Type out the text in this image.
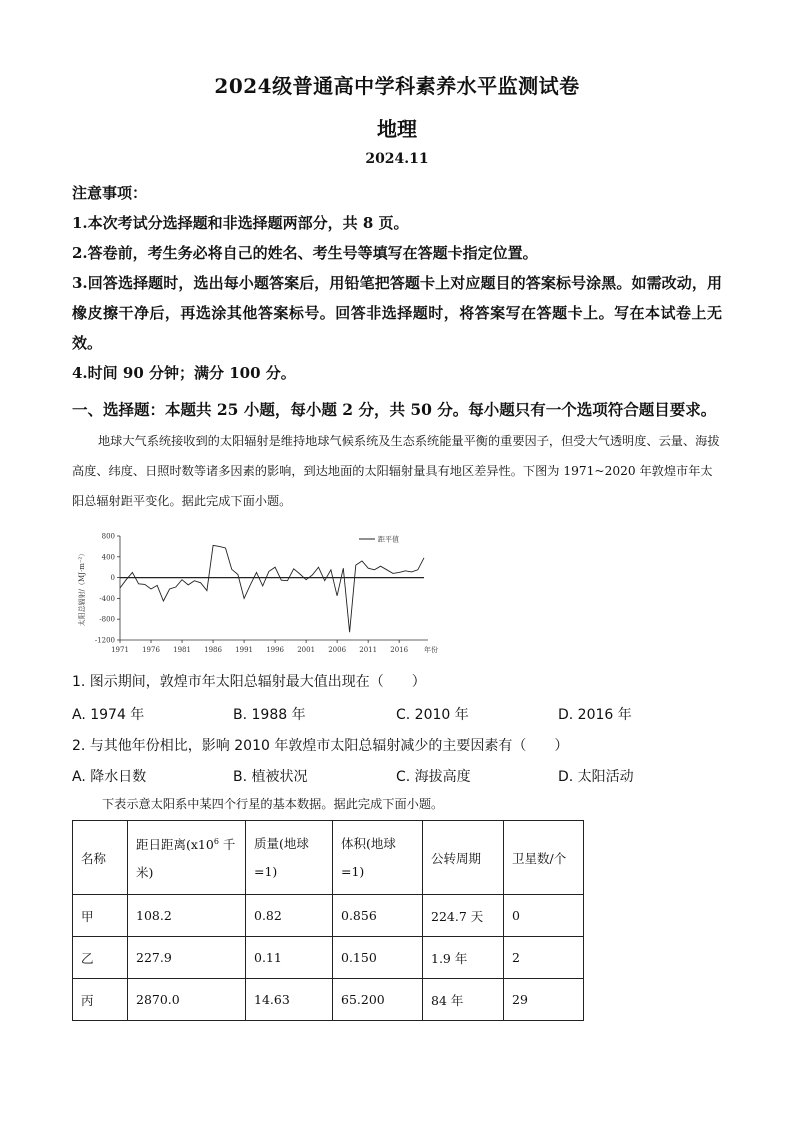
2024级普通高中学科素养水平监测试卷
地理
2024.11

注意事项：

1.本次考试分选择题和非选择题两部分，共 8 页。

2.答卷前，考生务必将自己的姓名、考生号等填写在答题卡指定位置。

3.回答选择题时，选出每小题答案后，用铅笔把答题卡上对应题目的答案标号涂黑。如需改动，用橡皮擦干净后，再选涂其他答案标号。回答非选择题时，将答案写在答题卡上。写在本试卷上无效。

4.时间 90 分钟；满分 100 分。

一、选择题：本题共 25 小题，每小题 2 分，共 50 分。每小题只有一个选项符合题目要求。
地球大气系统接收到的太阳辐射是维持地球气候系统及生态系统能量平衡的重要因子，但受大气透明度、云量、海拔高度、纬度、日照时数等诸多因素的影响，到达地面的太阳辐射量具有地区差异性。下图为 1971~2020 年敦煌市年太阳总辐射距平变化。据此完成下面小题。
800
400
0
-400
-800
-1200
1971 1976 1981 1986 1991 1996 2001 2006 2011 2016 年份
太阳总辐射/（MJ·m⁻²）
距平值
1. 图示期间，敦煌市年太阳总辐射最大值出现在（　　）
A. 1974 年	B. 1988 年	C. 2010 年	D. 2016 年
2. 与其他年份相比，影响 2010 年敦煌市太阳总辐射减少的主要因素有（　　）
A. 降水日数	B. 植被状况	C. 海拔高度	D. 太阳活动
下表示意太阳系中某四个行星的基本数据。据此完成下面小题。
名称	距日距离($x10^6$ 千米)	质量(地球=1)	体积(地球=1)	公转周期	卫星数/个
甲	108.2	0.82	0.856	224.7 天	0
乙	227.9	0.11	0.150	1.9 年	2
丙	2870.0	14.63	65.200	84 年	29
